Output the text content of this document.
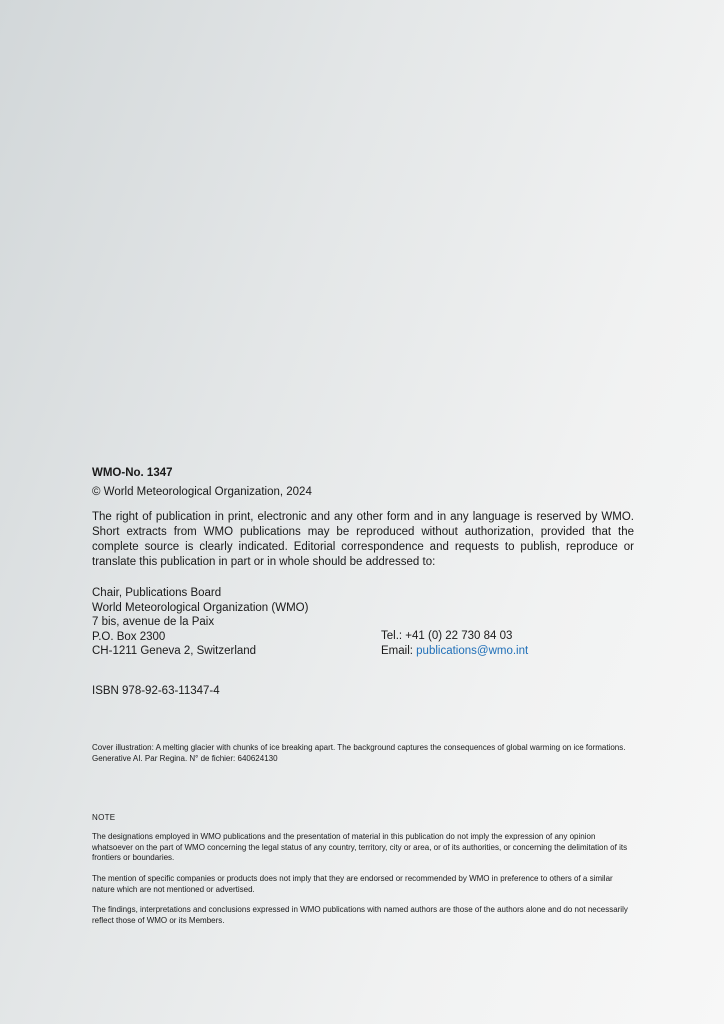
WMO-No. 1347
© World Meteorological Organization, 2024

The right of publication in print, electronic and any other form and in any language is reserved by WMO. Short extracts from WMO publications may be reproduced without authorization, provided that the complete source is clearly indicated. Editorial correspondence and requests to publish, reproduce or translate this publication in part or in whole should be addressed to:

Chair, Publications Board
World Meteorological Organization (WMO)
7 bis, avenue de la Paix
P.O. Box 2300
CH-1211 Geneva 2, Switzerland
Tel.: +41 (0) 22 730 84 03
Email: publications@wmo.int
ISBN 978-92-63-11347-4
Cover illustration: A melting glacier with chunks of ice breaking apart. The background captures the consequences of global warming on ice formations. Generative AI. Par Regina. N° de fichier: 640624130
NOTE

The designations employed in WMO publications and the presentation of material in this publication do not imply the expression of any opinion whatsoever on the part of WMO concerning the legal status of any country, territory, city or area, or of its authorities, or concerning the delimitation of its frontiers or boundaries.

The mention of specific companies or products does not imply that they are endorsed or recommended by WMO in preference to others of a similar nature which are not mentioned or advertised.

The findings, interpretations and conclusions expressed in WMO publications with named authors are those of the authors alone and do not necessarily reflect those of WMO or its Members.
